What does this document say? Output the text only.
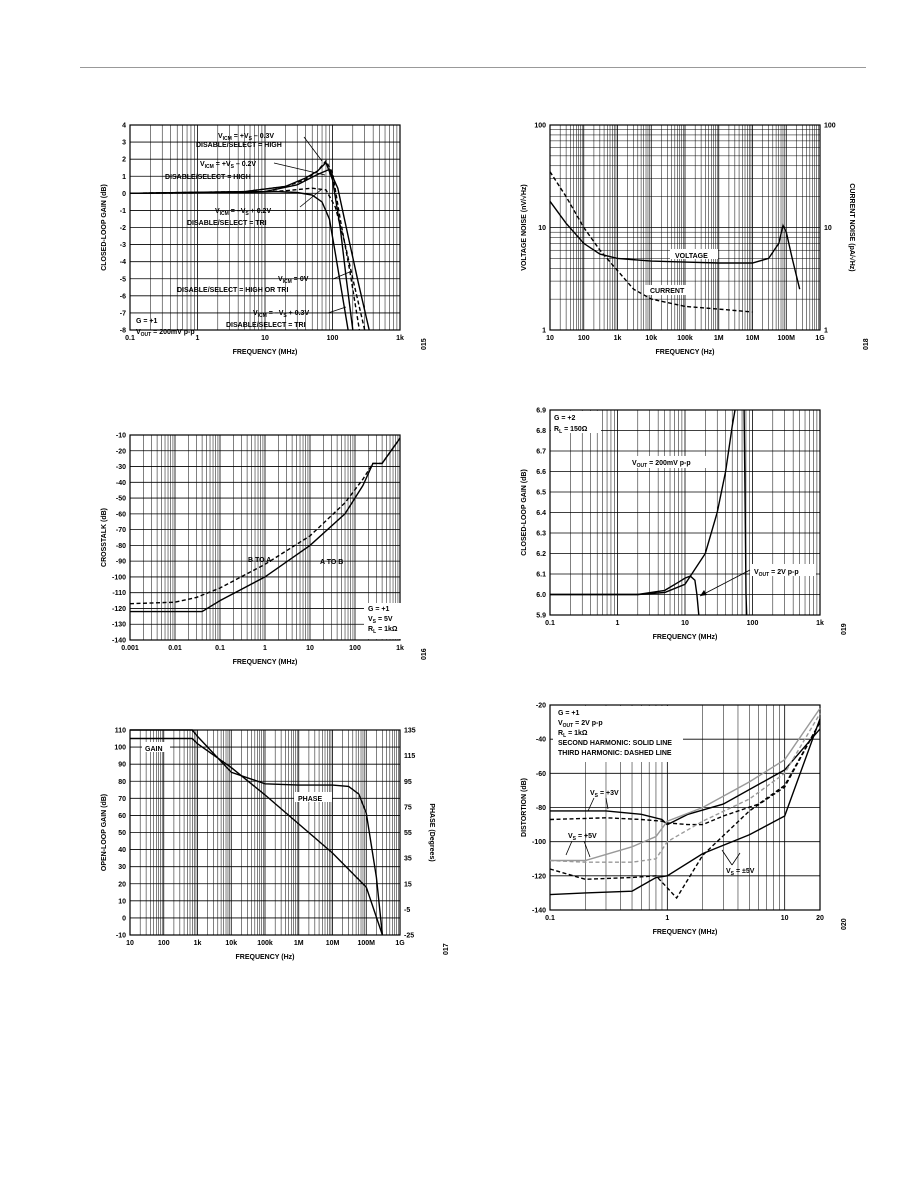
0.1	1	10	100	1k
-8
-7
-6
-5
-4
-3
-2
-1
0
1
2
3
4
FREQUENCY (MHz)
CLOSED-LOOP GAIN (dB)
015
$V_{ICM} = +V_S - 0.3V$
DISABLE/SELECT = HIGH
$V_{ICM} = +V_S - 0.2V$
DISABLE/SELECT = HIGH
$V_{ICM} = -V_S + 0.2V$
DISABLE/SELECT = TRI
$V_{ICM} = 0V$
DISABLE/SELECT = HIGH OR TRI
$V_{ICM} = -V_S + 0.3V$
DISABLE/SELECT = TRI
G = +1
$V_{OUT} = 200mV$ p-p
10	100	1k	10k	100k	1M	10M	100M	1G
1
10
100
1
10
100
FREQUENCY (Hz)
VOLTAGE NOISE (nV/√Hz)	CURRENT NOISE (pA/√Hz)
018
VOLTAGE
CURRENT
0.001	0.01	0.1	1	10	100	1k
-140
-130
-120
-110
-100
-90
-80
-70
-60
-50
-40
-30
-20
-10
FREQUENCY (MHz)
CROSSTALK (dB)
016
B TO A	A TO B
G = +1
$V_S = 5V$
$R_L = 1k\Omega$
0.1	1	10	100	1k
5.9
6.0
6.1
6.2
6.3
6.4
6.5
6.6
6.7
6.8
6.9
FREQUENCY (MHz)
CLOSED-LOOP GAIN (dB)
019
G = +2
$R_L = 150\Omega$
$V_{OUT} = 200mV$ p-p
$V_{OUT} = 2V$ p-p
10	100	1k	10k	100k	1M	10M	100M	1G
-10
0
10
20
30
40
50
60
70
80
90
100
110
-25
-5
15
35
55
75
95
115
135
FREQUENCY (Hz)
OPEN-LOOP GAIN (dB)	PHASE (Degrees)
017
GAIN
PHASE
0.1	1	10	20
-140
-120
-100
-80
-60
-40
-20
FREQUENCY (MHz)
DISTORTION (dB)
020
G = +1
$V_{OUT} = 2V$ p-p
$R_L = 1k\Omega$
SECOND HARMONIC: SOLID LINE
THIRD HARMONIC: DASHED LINE
$V_S = +3V$
$V_S = +5V$
$V_S = \pm 5V$
